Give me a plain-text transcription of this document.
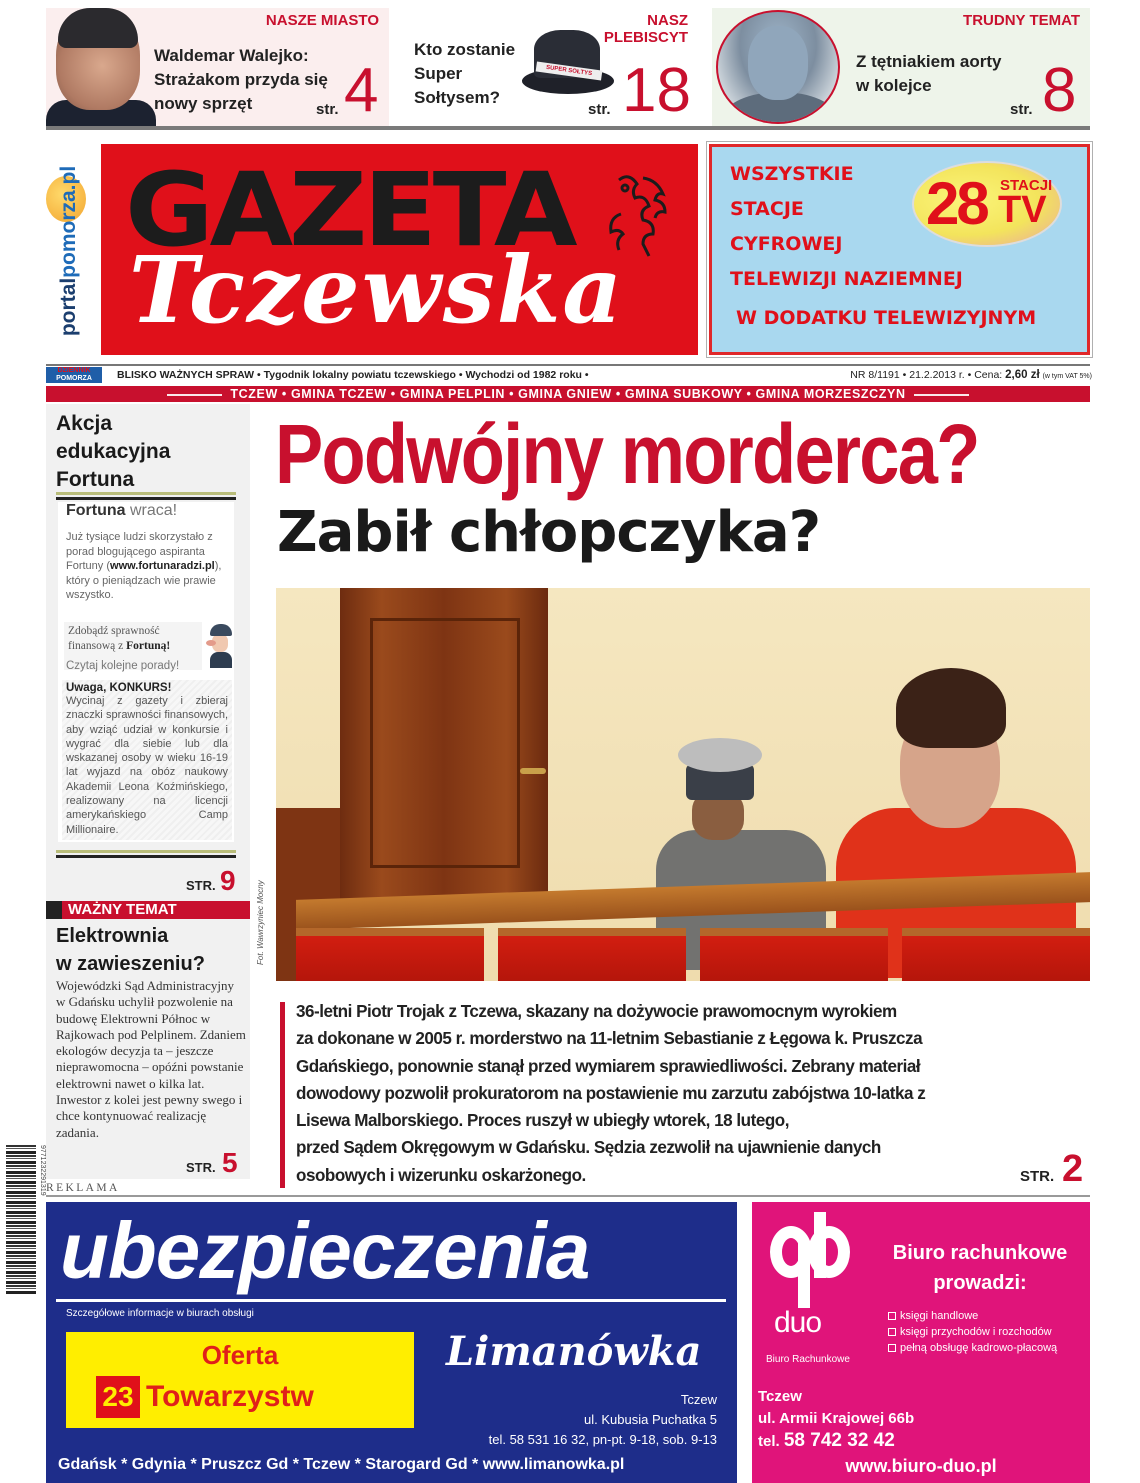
NASZE MIASTO
Waldemar Walejko:
Strażakom przyda się
nowy sprzęt	str. 4
NASZ
PLEBISCYT
Kto zostanie
Super
Sołtysem?
SUPER SOŁTYS
str. 18
TRUDNY TEMAT
Z tętniakiem aorty
w kolejce
str. 8
portalpomorza.pl GAZETA
Tczewska
WSZYSTKIE
STACJE
CYFROWEJ
TELEWIZJI NAZIEMNEJ
28 STACJI
TV
W DODATKU TELEWIZYJNYM
DZIENNIK
POMORZA	BLISKO WAŻNYCH SPRAW • Tygodnik lokalny powiatu tczewskiego • Wychodzi od 1982 roku •	NR 8/1191 • 21.2.2013 r. • Cena: 2,60 zł (w tym VAT 5%)
TCZEW • GMINA TCZEW • GMINA PELPLIN • GMINA GNIEW • GMINA SUBKOWY • GMINA MORZESZCZYN
Akcja
edukacyjna
Fortuna
Fortuna wraca!
Już tysiące ludzi skorzystało z porad blogującego aspiranta Fortuny (www.fortunaradzi.pl), który o pieniądzach wie prawie wszystko.
Zdobądź sprawność finansową z Fortuną!
Czytaj kolejne porady!
Uwaga, KONKURS!
Wycinaj z gazety i zbieraj znaczki sprawności finansowych, aby wziąć udział w konkursie i wygrać dla siebie lub dla wskazanej osoby w wieku 16-19 lat wyjazd na obóz naukowy Akademii Leona Koźmińskiego, realizowany na licencji amerykańskiego Camp Millionaire.
STR. 9
WAŻNY TEMAT
Elektrownia
w zawieszeniu?
Wojewódzki Sąd Administracyjny w Gdańsku uchylił pozwolenie na budowę Elektrowni Północ w Rajkowach pod Pelplinem. Zdaniem ekologów decyzja ta – jeszcze nieprawomocna – opóźni powstanie elektrowni nawet o kilka lat. Inwestor z kolei jest pewny swego i chce kontynuować realizację zadania.
STR. 5
9771232291319
Podwójny morderca?
Zabił chłopczyka?
Fot. Wawrzyniec Mocny

36-letni Piotr Trojak z Tczewa, skazany na dożywocie prawomocnym wyrokiem

za dokonane w 2005 r. morderstwo na 11-letnim Sebastianie z Łęgowa k. Pruszcza

Gdańskiego, ponownie stanął przed wymiarem sprawiedliwości. Zebrany materiał

dowodowy pozwolił prokuratorom na postawienie mu zarzutu zabójstwa 10-latka z

Lisewa Malborskiego. Proces ruszył w ubiegły wtorek, 18 lutego,

przed Sądem Okręgowym w Gdańsku. Sędzia zezwolił na ujawnienie danych

osobowych i wizerunku oskarżonego.	STR. 2
REKLAMA
ubezpieczenia
Szczegółowe informacje w biurach obsługi
Oferta
23 Towarzystw
Limanówka
Tczew
ul. Kubusia Puchatka 5
tel. 58 531 16 32, pn-pt. 9-18, sob. 9-13
Gdańsk * Gdynia * Pruszcz Gd * Tczew * Starogard Gd * www.limanowka.pl
duo
Biuro Rachunkowe
Biuro rachunkowe
prowadzi:
księgi handlowe
księgi przychodów i rozchodów
pełną obsługę kadrowo-płacową
Tczew
ul. Armii Krajowej 66b
tel. 58 742 32 42
www.biuro-duo.pl
